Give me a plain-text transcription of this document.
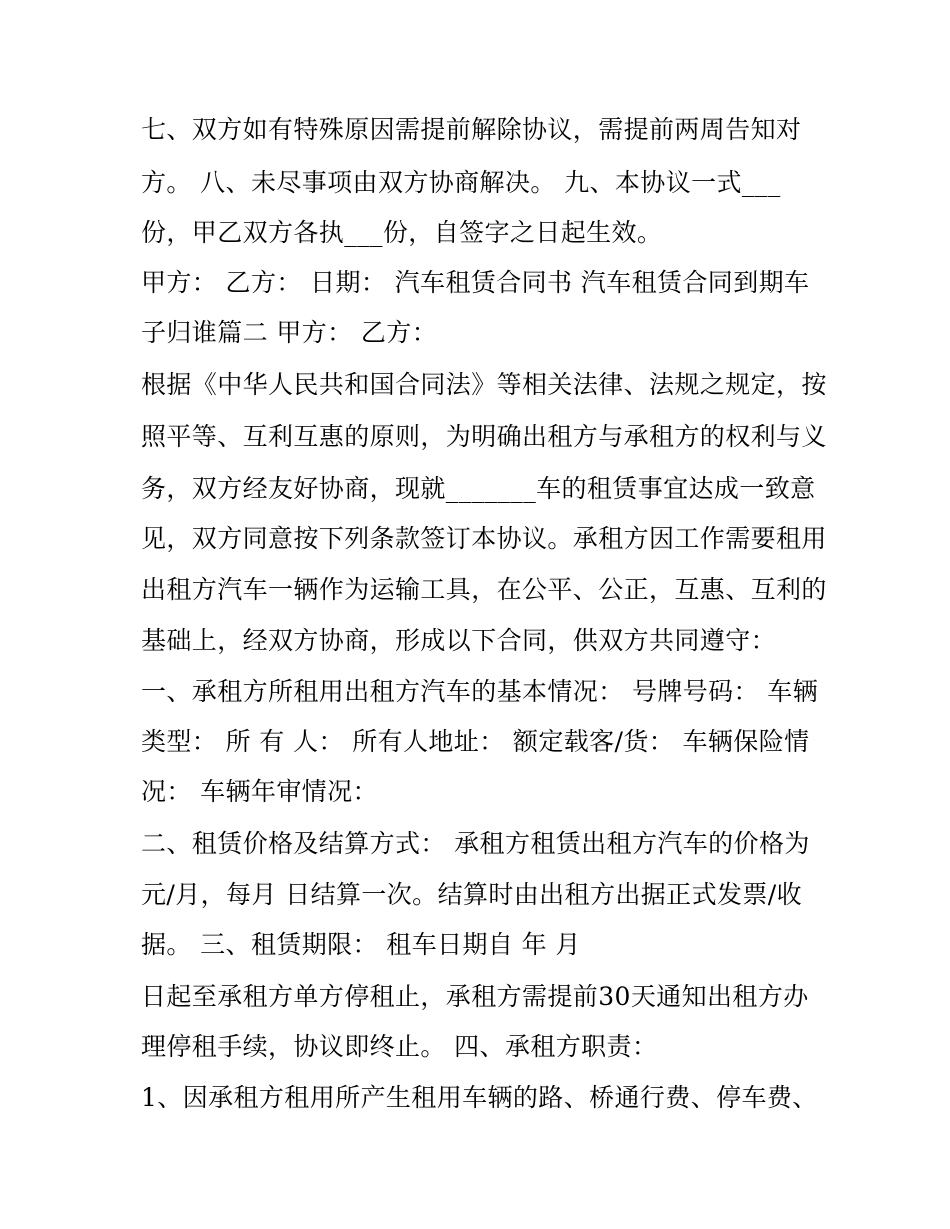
七、双方如有特殊原因需提前解除协议，需提前两周告知对

方。 八、未尽事项由双方协商解决。 九、本协议一式___

份，甲乙双方各执___份，自签字之日起生效。

甲方： 乙方： 日期： 汽车租赁合同书 汽车租赁合同到期车

子归谁篇二 甲方： 乙方：

根据《中华人民共和国合同法》等相关法律、法规之规定，按

照平等、互利互惠的原则，为明确出租方与承租方的权利与义

务，双方经友好协商，现就_______车的租赁事宜达成一致意

见，双方同意按下列条款签订本协议。承租方因工作需要租用

出租方汽车一辆作为运输工具，在公平、公正，互惠、互利的

基础上，经双方协商，形成以下合同，供双方共同遵守：

一、承租方所租用出租方汽车的基本情况： 号牌号码： 车辆

类型： 所 有 人： 所有人地址： 额定载客/货： 车辆保险情

况： 车辆年审情况：

二、租赁价格及结算方式： 承租方租赁出租方汽车的价格为

元/月，每月 日结算一次。结算时由出租方出据正式发票/收

据。 三、租赁期限： 租车日期自 年 月

日起至承租方单方停租止，承租方需提前30天通知出租方办

理停租手续，协议即终止。 四、承租方职责：

1、因承租方租用所产生租用车辆的路、桥通行费、停车费、
